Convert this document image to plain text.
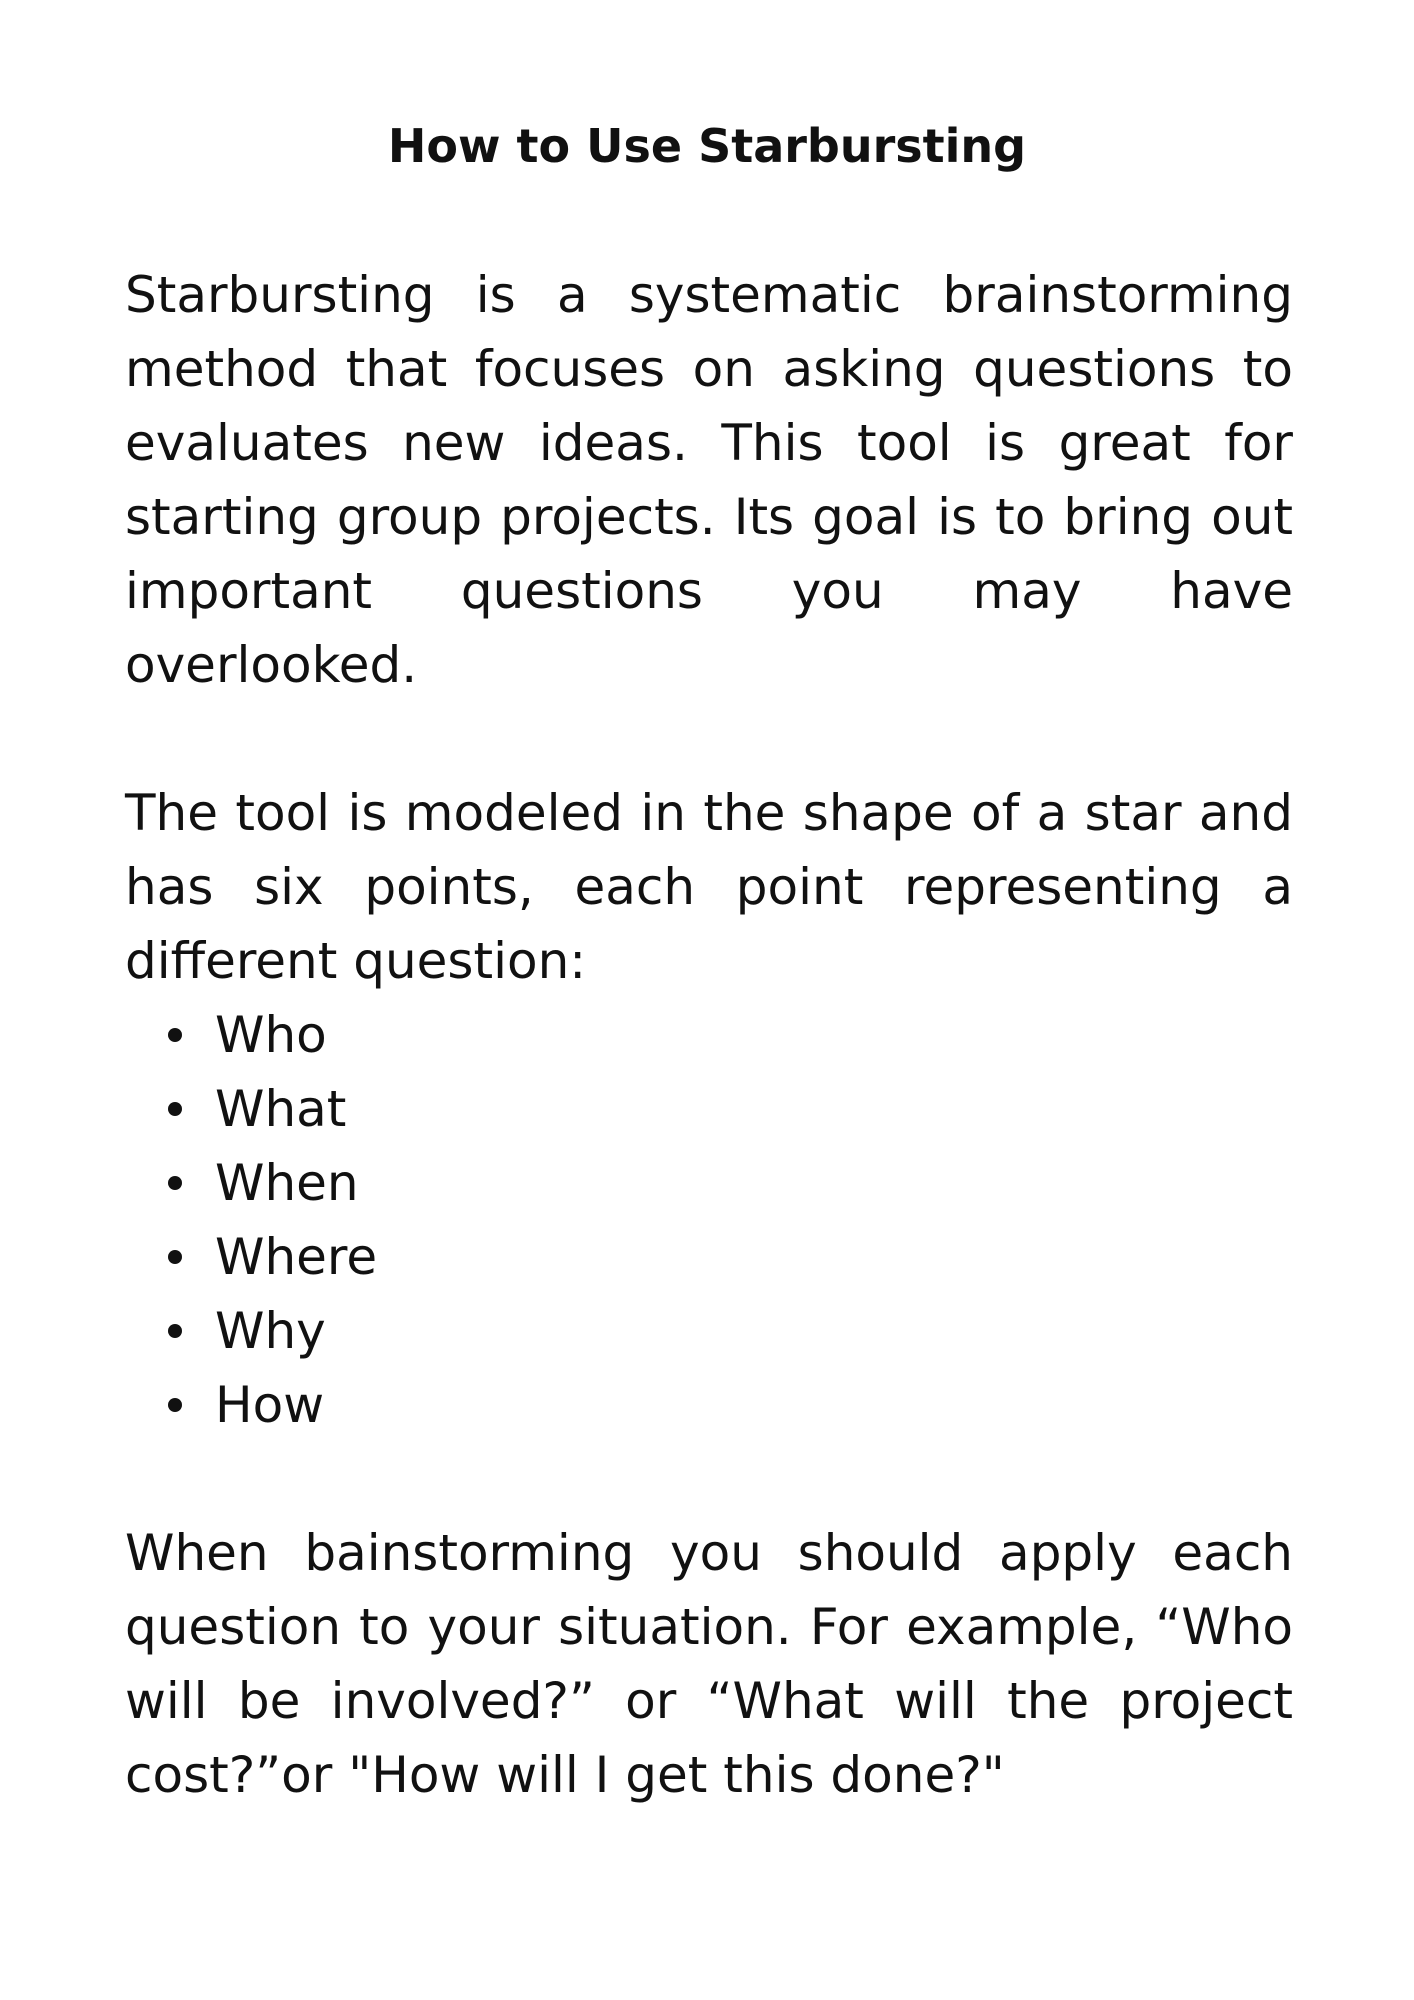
How to Use Starbursting

Starbursting is a systematic brainstorming method that focuses on asking questions to evaluates new ideas. This tool is great for starting group projects. Its goal is to bring out important questions you may have overlooked.

The tool is modeled in the shape of a star and has six points, each point representing a different question:

Who
What
When
Where
Why
How

When bainstorming you should apply each question to your situation. For example, “Who will be involved?” or “What will the project cost?”or "How will I get this done?"
